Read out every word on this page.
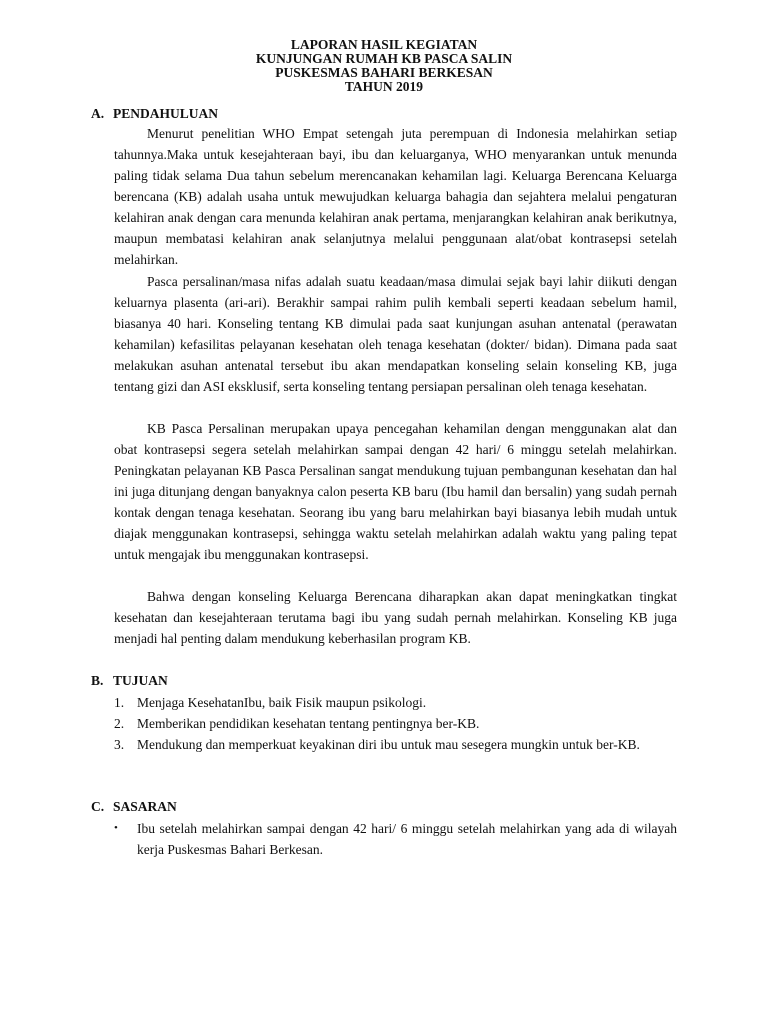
LAPORAN HASIL KEGIATAN
KUNJUNGAN RUMAH KB PASCA SALIN
PUSKESMAS BAHARI BERKESAN
TAHUN 2019
A. PENDAHULUAN

Menurut penelitian WHO Empat setengah juta perempuan di Indonesia melahirkan setiap tahunnya.Maka untuk kesejahteraan bayi, ibu dan keluarganya, WHO menyarankan untuk menunda paling tidak selama Dua tahun sebelum merencanakan kehamilan lagi. Keluarga Berencana Keluarga berencana (KB) adalah usaha untuk mewujudkan keluarga bahagia dan sejahtera melalui pengaturan kelahiran anak dengan cara menunda kelahiran anak pertama, menjarangkan kelahiran anak berikutnya, maupun membatasi kelahiran anak selanjutnya melalui penggunaan alat/obat kontrasepsi setelah melahirkan.

Pasca persalinan/masa nifas adalah suatu keadaan/masa dimulai sejak bayi lahir diikuti dengan keluarnya plasenta (ari-ari). Berakhir sampai rahim pulih kembali seperti keadaan sebelum hamil, biasanya 40 hari. Konseling tentang KB dimulai pada saat kunjungan asuhan antenatal (perawatan kehamilan) kefasilitas pelayanan kesehatan oleh tenaga kesehatan (dokter/ bidan). Dimana pada saat melakukan asuhan antenatal tersebut ibu akan mendapatkan konseling selain konseling KB, juga tentang gizi dan ASI eksklusif, serta konseling tentang persiapan persalinan oleh tenaga kesehatan.

KB Pasca Persalinan merupakan upaya pencegahan kehamilan dengan menggunakan alat dan obat kontrasepsi segera setelah melahirkan sampai dengan 42 hari/ 6 minggu setelah melahirkan. Peningkatan pelayanan KB Pasca Persalinan sangat mendukung tujuan pembangunan kesehatan dan hal ini juga ditunjang dengan banyaknya calon peserta KB baru (Ibu hamil dan bersalin) yang sudah pernah kontak dengan tenaga kesehatan. Seorang ibu yang baru melahirkan bayi biasanya lebih mudah untuk diajak menggunakan kontrasepsi, sehingga waktu setelah melahirkan adalah waktu yang paling tepat untuk mengajak ibu menggunakan kontrasepsi.

Bahwa dengan konseling Keluarga Berencana diharapkan akan dapat meningkatkan tingkat kesehatan dan kesejahteraan terutama bagi ibu yang sudah pernah melahirkan. Konseling KB juga menjadi hal penting dalam mendukung keberhasilan program KB.

B. TUJUAN
1. Menjaga KesehatanIbu, baik Fisik maupun psikologi.
2. Memberikan pendidikan kesehatan tentang pentingnya ber-KB.
3. Mendukung dan memperkuat keyakinan diri ibu untuk mau sesegera mungkin untuk ber-KB.
C. SASARAN
• Ibu setelah melahirkan sampai dengan 42 hari/ 6 minggu setelah melahirkan yang ada di wilayah kerja Puskesmas Bahari Berkesan.
